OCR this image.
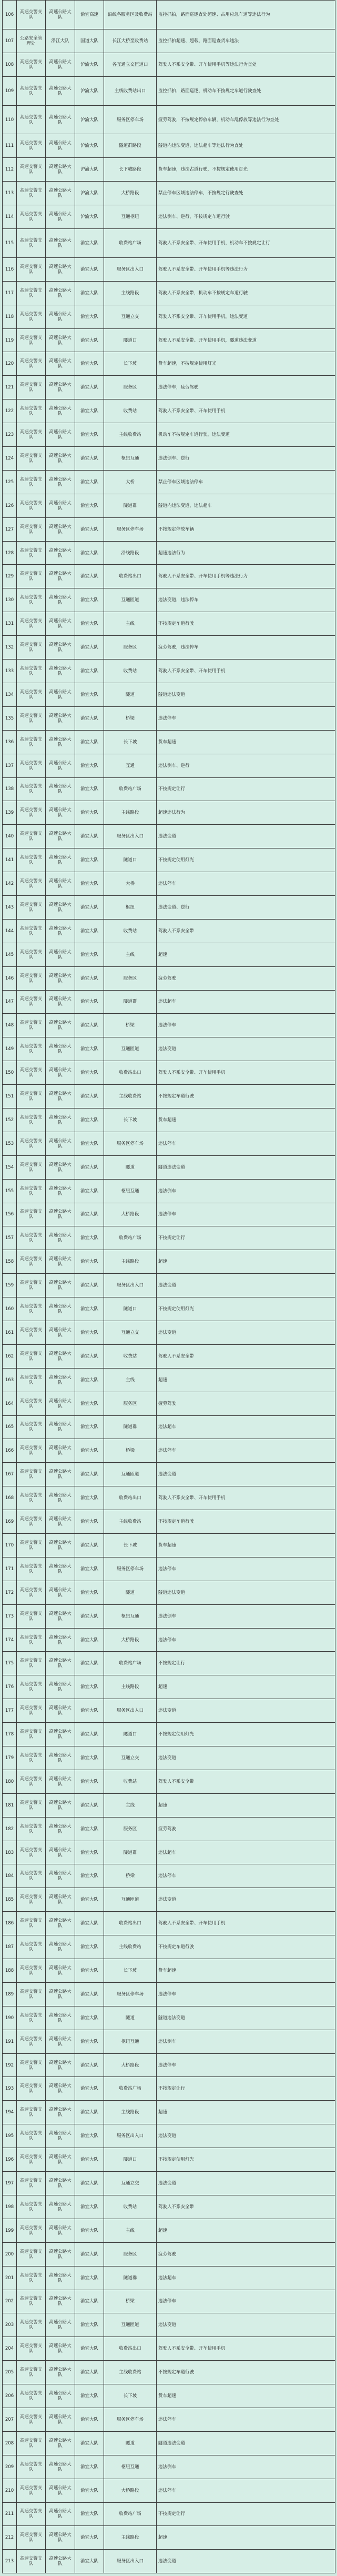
106	高速交警支队	高速公路大队	渝宜高速	沿线各服务区及收费站	监控抓拍，路面巡逻查处超速、占用应急车道等违法行为
107	公路安全管理处	沿江大队	国道大队	长江大桥至收费站	监控抓拍超速、超载，路面巡查货车违法
108	高速交警支队	高速公路大队	沪渝大队	各互通立交匝道口	驾驶人不系安全带、开车使用手机等违法行为查处
109	高速交警支队	高速公路大队	沪渝大队	主线收费站出口	监控抓拍，路面巡逻，机动车不按规定车道行驶查处
110	高速交警支队	高速公路大队	沪渝大队	服务区停车场	疲劳驾驶，不按规定停放车辆，机动车乱停放等违法行为查处
111	高速交警支队	高速公路大队	沪渝大队	隧道群路段	隧道内违法变道，违法超车等违法行为查处
112	高速交警支队	高速公路大队	沪渝大队	长下坡路段	货车超速，违法占道行驶，不按规定使用灯光
113	高速交警支队	高速公路大队	沪渝大队	大桥路段	禁止停车区域违法停车，不按规定行驶查处
114	高速交警支队	高速公路大队	沪渝大队	互通枢纽	违法倒车、逆行，不按规定车道行驶
115	高速交警支队	高速公路大队	渝宜大队	收费站广场	驾驶人不系安全带、开车使用手机，机动车不按规定让行
116	高速交警支队	高速公路大队	渝宜大队	服务区出入口	驾驶人不系安全带、开车使用手机等违法行为
117	高速交警支队	高速公路大队	渝宜大队	主线路段	驾驶人不系安全带，机动车不按规定车道行驶
118	高速交警支队	高速公路大队	渝宜大队	互通立交	驾驶人不系安全带、开车使用手机，违法变道
119	高速交警支队	高速公路大队	渝宜大队	隧道口	驾驶人不系安全带、开车使用手机，隧道违法变道
120	高速交警支队	高速公路大队	渝宜大队	长下坡	货车超速，不按规定使用灯光
121	高速交警支队	高速公路大队	渝宜大队	服务区	违法停车，疲劳驾驶
122	高速交警支队	高速公路大队	渝宜大队	收费站	驾驶人不系安全带、开车使用手机
123	高速交警支队	高速公路大队	渝宜大队	主线收费站	机动车不按规定车道行驶，违法变道
124	高速交警支队	高速公路大队	渝宜大队	枢纽互通	违法倒车、逆行
125	高速交警支队	高速公路大队	渝宜大队	大桥	禁止停车区域违法停车
126	高速交警支队	高速公路大队	渝宜大队	隧道群	隧道内违法变道，违法超车
127	高速交警支队	高速公路大队	渝宜大队	服务区停车场	不按规定停放车辆
128	高速交警支队	高速公路大队	渝宜大队	沿线路段	超速违法行为
129	高速交警支队	高速公路大队	渝宜大队	收费站出口	驾驶人不系安全带、开车使用手机等违法行为
130	高速交警支队	高速公路大队	渝宜大队	互通匝道	违法变道，违法停车
131	高速交警支队	高速公路大队	渝宜大队	主线	不按规定车道行驶
132	高速交警支队	高速公路大队	渝宜大队	服务区	疲劳驾驶，违法停车
133	高速交警支队	高速公路大队	渝宜大队	收费站	驾驶人不系安全带、开车使用手机
134	高速交警支队	高速公路大队	渝宜大队	隧道	隧道违法变道
135	高速交警支队	高速公路大队	渝宜大队	桥梁	违法停车
136	高速交警支队	高速公路大队	渝宜大队	长下坡	货车超速
137	高速交警支队	高速公路大队	渝宜大队	互通	违法倒车、逆行
138	高速交警支队	高速公路大队	渝宜大队	收费站广场	不按规定让行
139	高速交警支队	高速公路大队	渝宜大队	主线路段	超速违法行为
140	高速交警支队	高速公路大队	渝宜大队	服务区出入口	违法变道
141	高速交警支队	高速公路大队	渝宜大队	隧道口	不按规定使用灯光
142	高速交警支队	高速公路大队	渝宜大队	大桥	违法停车
143	高速交警支队	高速公路大队	渝宜大队	枢纽	违法变道、逆行
144	高速交警支队	高速公路大队	渝宜大队	收费站	驾驶人不系安全带
145	高速交警支队	高速公路大队	渝宜大队	主线	超速
146	高速交警支队	高速公路大队	渝宜大队	服务区	疲劳驾驶
147	高速交警支队	高速公路大队	渝宜大队	隧道群	违法超车
148	高速交警支队	高速公路大队	渝宜大队	桥梁	违法停车
149	高速交警支队	高速公路大队	渝宜大队	互通匝道	违法变道
150	高速交警支队	高速公路大队	渝宜大队	收费站出口	驾驶人不系安全带、开车使用手机
151	高速交警支队	高速公路大队	渝宜大队	主线收费站	不按规定车道行驶
152	高速交警支队	高速公路大队	渝宜大队	长下坡	货车超速
153	高速交警支队	高速公路大队	渝宜大队	服务区停车场	违法停车
154	高速交警支队	高速公路大队	渝宜大队	隧道	隧道违法变道
155	高速交警支队	高速公路大队	渝宜大队	枢纽互通	违法倒车
156	高速交警支队	高速公路大队	渝宜大队	大桥路段	违法停车
157	高速交警支队	高速公路大队	渝宜大队	收费站广场	不按规定让行
158	高速交警支队	高速公路大队	渝宜大队	主线路段	超速
159	高速交警支队	高速公路大队	渝宜大队	服务区出入口	违法变道
160	高速交警支队	高速公路大队	渝宜大队	隧道口	不按规定使用灯光
161	高速交警支队	高速公路大队	渝宜大队	互通立交	违法变道
162	高速交警支队	高速公路大队	渝宜大队	收费站	驾驶人不系安全带
163	高速交警支队	高速公路大队	渝宜大队	主线	超速
164	高速交警支队	高速公路大队	渝宜大队	服务区	疲劳驾驶
165	高速交警支队	高速公路大队	渝宜大队	隧道群	违法超车
166	高速交警支队	高速公路大队	渝宜大队	桥梁	违法停车
167	高速交警支队	高速公路大队	渝宜大队	互通匝道	违法变道
168	高速交警支队	高速公路大队	渝宜大队	收费站出口	驾驶人不系安全带、开车使用手机
169	高速交警支队	高速公路大队	渝宜大队	主线收费站	不按规定车道行驶
170	高速交警支队	高速公路大队	渝宜大队	长下坡	货车超速
171	高速交警支队	高速公路大队	渝宜大队	服务区停车场	违法停车
172	高速交警支队	高速公路大队	渝宜大队	隧道	隧道违法变道
173	高速交警支队	高速公路大队	渝宜大队	枢纽互通	违法倒车
174	高速交警支队	高速公路大队	渝宜大队	大桥路段	违法停车
175	高速交警支队	高速公路大队	渝宜大队	收费站广场	不按规定让行
176	高速交警支队	高速公路大队	渝宜大队	主线路段	超速
177	高速交警支队	高速公路大队	渝宜大队	服务区出入口	违法变道
178	高速交警支队	高速公路大队	渝宜大队	隧道口	不按规定使用灯光
179	高速交警支队	高速公路大队	渝宜大队	互通立交	违法变道
180	高速交警支队	高速公路大队	渝宜大队	收费站	驾驶人不系安全带
181	高速交警支队	高速公路大队	渝宜大队	主线	超速
182	高速交警支队	高速公路大队	渝宜大队	服务区	疲劳驾驶
183	高速交警支队	高速公路大队	渝宜大队	隧道群	违法超车
184	高速交警支队	高速公路大队	渝宜大队	桥梁	违法停车
185	高速交警支队	高速公路大队	渝宜大队	互通匝道	违法变道
186	高速交警支队	高速公路大队	渝宜大队	收费站出口	驾驶人不系安全带、开车使用手机
187	高速交警支队	高速公路大队	渝宜大队	主线收费站	不按规定车道行驶
188	高速交警支队	高速公路大队	渝宜大队	长下坡	货车超速
189	高速交警支队	高速公路大队	渝宜大队	服务区停车场	违法停车
190	高速交警支队	高速公路大队	渝宜大队	隧道	隧道违法变道
191	高速交警支队	高速公路大队	渝宜大队	枢纽互通	违法倒车
192	高速交警支队	高速公路大队	渝宜大队	大桥路段	违法停车
193	高速交警支队	高速公路大队	渝宜大队	收费站广场	不按规定让行
194	高速交警支队	高速公路大队	渝宜大队	主线路段	超速
195	高速交警支队	高速公路大队	渝宜大队	服务区出入口	违法变道
196	高速交警支队	高速公路大队	渝宜大队	隧道口	不按规定使用灯光
197	高速交警支队	高速公路大队	渝宜大队	互通立交	违法变道
198	高速交警支队	高速公路大队	渝宜大队	收费站	驾驶人不系安全带
199	高速交警支队	高速公路大队	渝宜大队	主线	超速
200	高速交警支队	高速公路大队	渝宜大队	服务区	疲劳驾驶
201	高速交警支队	高速公路大队	渝宜大队	隧道群	违法超车
202	高速交警支队	高速公路大队	渝宜大队	桥梁	违法停车
203	高速交警支队	高速公路大队	渝宜大队	互通匝道	违法变道
204	高速交警支队	高速公路大队	渝宜大队	收费站出口	驾驶人不系安全带、开车使用手机
205	高速交警支队	高速公路大队	渝宜大队	主线收费站	不按规定车道行驶
206	高速交警支队	高速公路大队	渝宜大队	长下坡	货车超速
207	高速交警支队	高速公路大队	渝宜大队	服务区停车场	违法停车
208	高速交警支队	高速公路大队	渝宜大队	隧道	隧道违法变道
209	高速交警支队	高速公路大队	渝宜大队	枢纽互通	违法倒车
210	高速交警支队	高速公路大队	渝宜大队	大桥路段	违法停车
211	高速交警支队	高速公路大队	渝宜大队	收费站广场	不按规定让行
212	高速交警支队	高速公路大队	渝宜大队	主线路段	超速
213	高速交警支队	高速公路大队	渝宜大队	服务区出入口	违法变道
